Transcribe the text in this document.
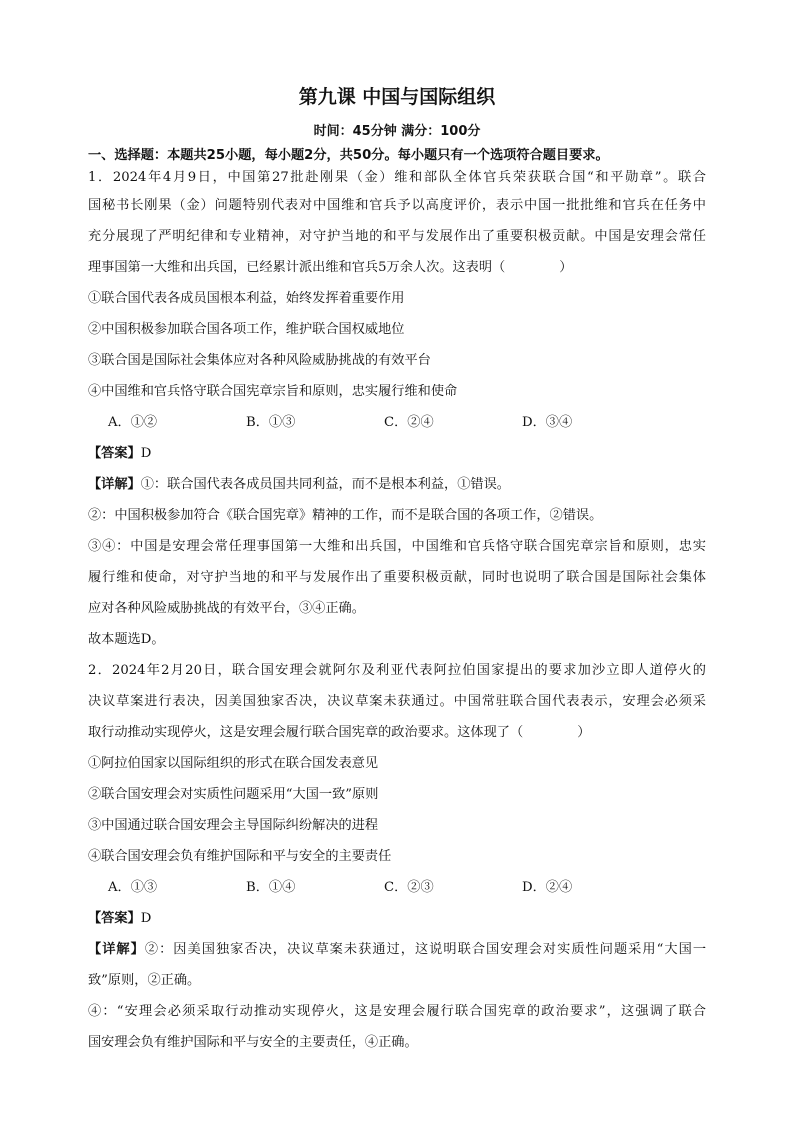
第九课 中国与国际组织
时间：45分钟 满分：100分
一、选择题：本题共25小题，每小题2分，共50分。每小题只有一个选项符合题目要求。
1．2024年4月9日，中国第27批赴刚果（金）维和部队全体官兵荣获联合国“和平勋章”。联合
国秘书长刚果（金）问题特别代表对中国维和官兵予以高度评价，表示中国一批批维和官兵在任务中
充分展现了严明纪律和专业精神，对守护当地的和平与发展作出了重要积极贡献。中国是安理会常任
理事国第一大维和出兵国，已经累计派出维和官兵5万余人次。这表明（	）
①联合国代表各成员国根本利益，始终发挥着重要作用
②中国积极参加联合国各项工作，维护联合国权威地位
③联合国是国际社会集体应对各种风险威胁挑战的有效平台
④中国维和官兵恪守联合国宪章宗旨和原则，忠实履行维和使命
A．①②	B．①③	C．②④	D．③④
【答案】D
【详解】①：联合国代表各成员国共同利益，而不是根本利益，①错误。
②：中国积极参加符合《联合国宪章》精神的工作，而不是联合国的各项工作，②错误。
③④：中国是安理会常任理事国第一大维和出兵国，中国维和官兵恪守联合国宪章宗旨和原则，忠实
履行维和使命，对守护当地的和平与发展作出了重要积极贡献，同时也说明了联合国是国际社会集体
应对各种风险威胁挑战的有效平台，③④正确。
故本题选D。
2．2024年2月20日，联合国安理会就阿尔及利亚代表阿拉伯国家提出的要求加沙立即人道停火的
决议草案进行表决，因美国独家否决，决议草案未获通过。中国常驻联合国代表表示，安理会必须采
取行动推动实现停火，这是安理会履行联合国宪章的政治要求。这体现了（	）
①阿拉伯国家以国际组织的形式在联合国发表意见
②联合国安理会对实质性问题采用“大国一致”原则
③中国通过联合国安理会主导国际纠纷解决的进程
④联合国安理会负有维护国际和平与安全的主要责任
A．①③	B．①④	C．②③	D．②④
【答案】D
【详解】②：因美国独家否决，决议草案未获通过，这说明联合国安理会对实质性问题采用“大国一
致”原则，②正确。
④：“安理会必须采取行动推动实现停火，这是安理会履行联合国宪章的政治要求”，这强调了联合
国安理会负有维护国际和平与安全的主要责任，④正确。
